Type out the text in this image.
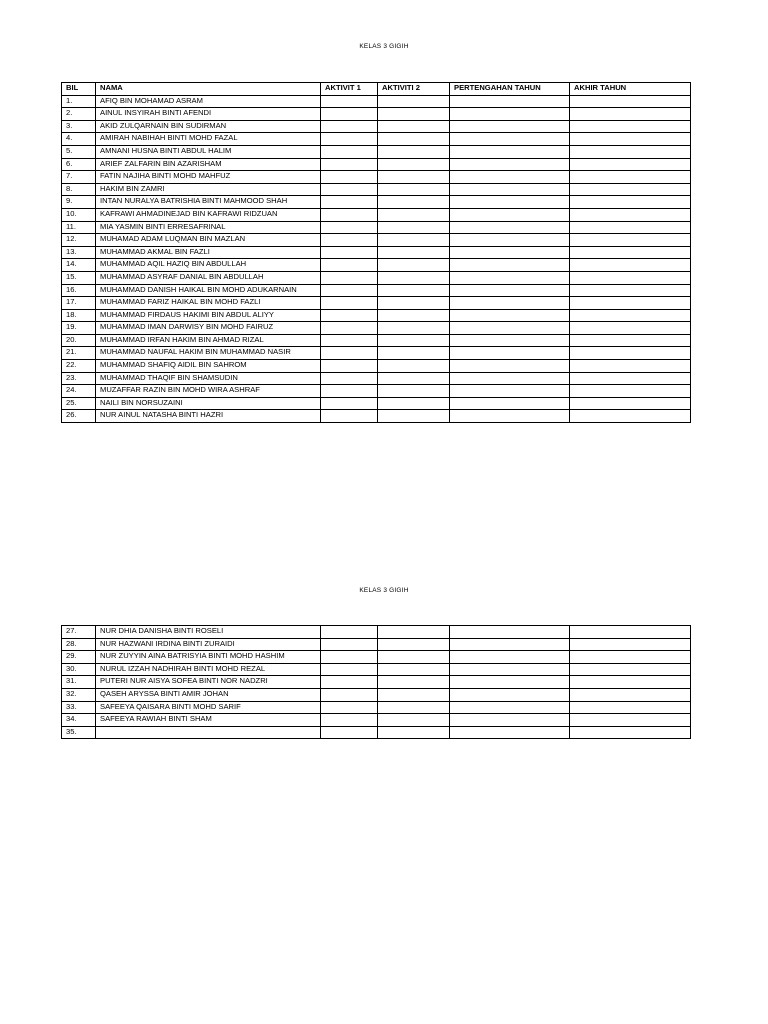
KELAS 3 GIGIH
BIL	NAMA	AKTIVIT 1	AKTIVITI 2	PERTENGAHAN TAHUN	AKHIR TAHUN
1.	AFIQ BIN MOHAMAD ASRAM				
2.	AINUL INSYIRAH BINTI AFENDI				
3.	AKID ZULQARNAIN BIN SUDIRMAN				
4.	AMIRAH NABIHAH BINTI MOHD FAZAL				
5.	AMNANI HUSNA BINTI ABDUL HALIM				
6.	ARIEF ZALFARIN BIN AZARISHAM				
7.	FATIN NAJIHA BINTI MOHD MAHFUZ				
8.	HAKIM BIN ZAMRI				
9.	INTAN NURALYA BATRISHIA BINTI MAHMOOD SHAH				
10.	KAFRAWI AHMADINEJAD BIN KAFRAWI RIDZUAN				
11.	MIA YASMIN BINTI ERRESAFRINAL				
12.	MUHAMAD ADAM LUQMAN BIN MAZLAN				
13.	MUHAMMAD AKMAL BIN FAZLI				
14.	MUHAMMAD AQIL HAZIQ BIN ABDULLAH				
15.	MUHAMMAD ASYRAF DANIAL BIN ABDULLAH				
16.	MUHAMMAD DANISH HAIKAL BIN MOHD ADUKARNAIN				
17.	MUHAMMAD FARIZ HAIKAL BIN MOHD FAZLI				
18.	MUHAMMAD FIRDAUS HAKIMI BIN ABDUL ALIYY				
19.	MUHAMMAD IMAN DARWISY BIN MOHD FAIRUZ				
20.	MUHAMMAD IRFAN HAKIM BIN AHMAD RIZAL				
21.	MUHAMMAD NAUFAL HAKIM BIN MUHAMMAD NASIR				
22.	MUHAMMAD SHAFIQ AIDIL BIN SAHROM				
23.	MUHAMMAD THAQIF BIN SHAMSUDIN				
24.	MUZAFFAR RAZIN BIN MOHD WIRA ASHRAF				
25.	NAILI BIN NORSUZAINI				
26.	NUR AINUL NATASHA BINTI HAZRI				
KELAS 3 GIGIH
27.	NUR DHIA DANISHA BINTI ROSELI				
28.	NUR HAZWANI IRDINA BINTI ZURAIDI				
29.	NUR ZUYYIN AINA BATRISYIA BINTI MOHD HASHIM				
30.	NURUL IZZAH NADHIRAH BINTI MOHD REZAL				
31.	PUTERI NUR AISYA SOFEA BINTI NOR NADZRI				
32.	QASEH ARYSSA BINTI AMIR JOHAN				
33.	SAFEEYA QAISARA BINTI MOHD SARIF				
34.	SAFEEYA RAWIAH BINTI SHAM				
35.					
